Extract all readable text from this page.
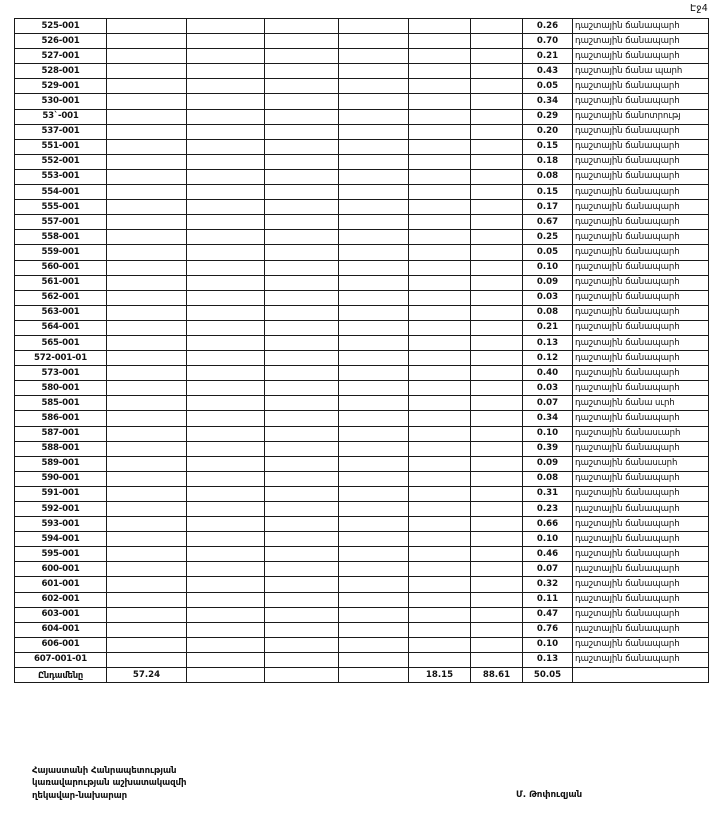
Էջ4
525-001							0.26	դաշտային ճանապարհ
526-001							0.70	դաշտային ճանապարհ
527-001							0.21	դաշտային ճանապարհ
528-001							0.43	դաշտային ճանա պարհ
529-001							0.05	դաշտային ճանապարհ
530-001							0.34	դաշտային ճանապարհ
53`-001							0.29	դաշտային ճանոտրությ
537-001							0.20	դաշտային ճանապարհ
551-001							0.15	դաշտային ճանապարհ
552-001							0.18	դաշտային ճանապարհ
553-001							0.08	դաշտային ճանապարհ
554-001							0.15	դաշտային ճանապարհ
555-001							0.17	դաշտային ճանապարհ
557-001							0.67	դաշտային ճանապարհ
558-001							0.25	դաշտային ճանապարհ
559-001							0.05	դաշտային ճանապարհ
560-001							0.10	դաշտային ճանապարհ
561-001							0.09	դաշտային ճանապարհ
562-001							0.03	դաշտային ճանապարհ
563-001							0.08	դաշտային ճանապարհ
564-001							0.21	դաշտային ճանապարհ
565-001							0.13	դաշտային ճանապարհ
572-001-01							0.12	դաշտային ճանապարհ
573-001							0.40	դաշտային ճանապարհ
580-001							0.03	դաշտային ճանապարհ
585-001							0.07	դաշտային ճանա սւրհ
586-001							0.34	դաշտային ճանապարհ
587-001							0.10	դաշտային ճանասւարհ
588-001							0.39	դաշտային ճանապարհ
589-001							0.09	դաշտային ճանասւսրհ
590-001							0.08	դաշտային ճանապարհ
591-001							0.31	դաշտային ճանապարհ
592-001							0.23	դաշտային ճանապարհ
593-001							0.66	դաշտային ճանապարհ
594-001							0.10	դաշտային ճանապարհ
595-001							0.46	դաշտային ճանապարհ
600-001							0.07	դաշտային ճանապարհ
601-001							0.32	դաշտային ճանապարհ
602-001							0.11	դաշտային ճանապարհ
603-001							0.47	դաշտային ճանապարհ
604-001							0.76	դաշտային ճանապարհ
606-001							0.10	դաշտային ճանապարհ
607-001-01							0.13	դաշտային ճանապարհ
Ընդամենը	57.24				18.15	88.61	50.05	
Հայաստանի Հանրապետության
կառավարության աշխատակազմի
ղեկավար-նախարար	Մ. Թոփուզյան
